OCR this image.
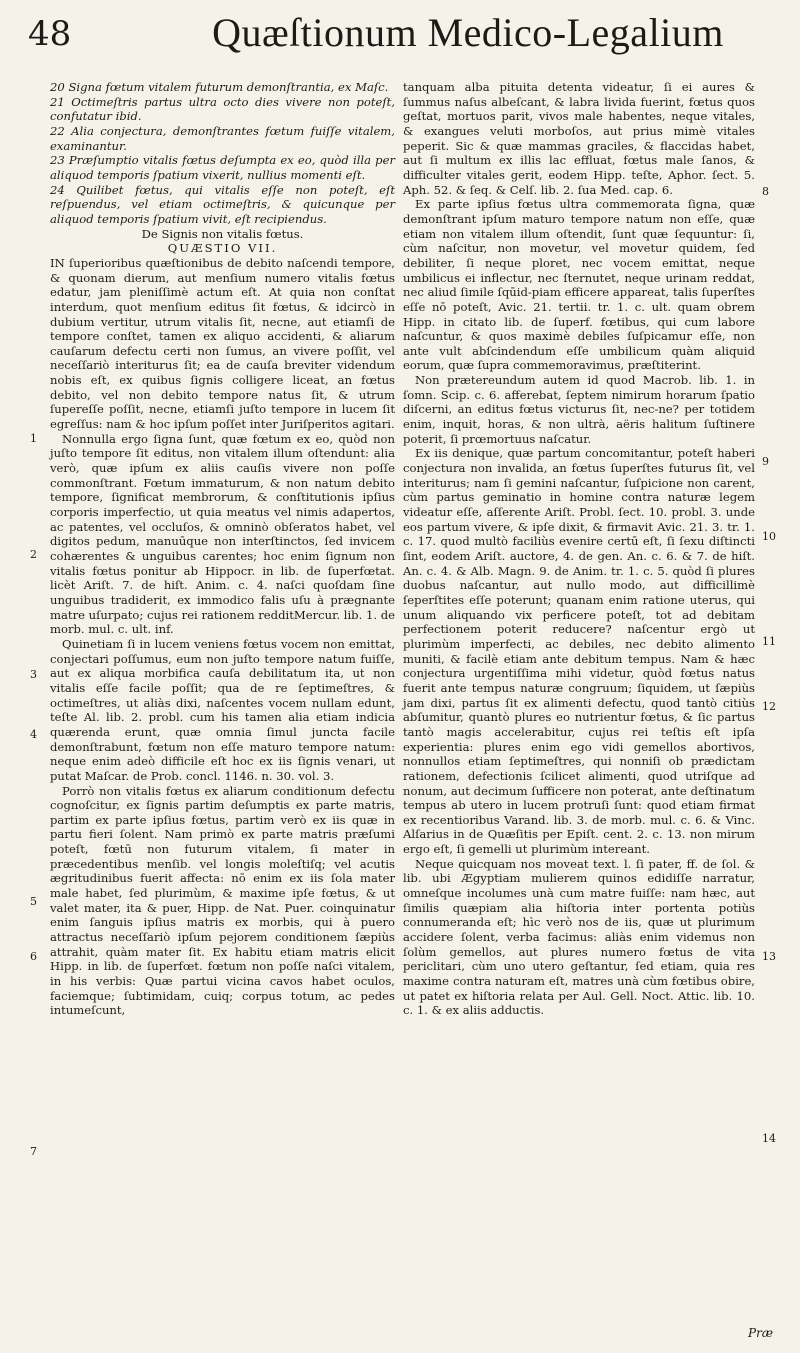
48	Quæſtionum Medico-Legalium

20 Signa fœtum vitalem futurum demonſtrantia, ex Maſc.

21 Octimeſtris partus ultra octo dies vivere non poteſt, confutatur ibid.

22 Alia conjectura, demonſtrantes fœtum fuiſſe vitalem, examinantur.

23 Præſumptio vitalis fœtus deſumpta ex eo, quòd illa per aliquod temporis ſpatium vixerit, nullius momenti eſt.

24 Quilibet fœtus, qui vitalis eſſe non poteſt, eſt reſpuendus, vel etiam octimeſtris, & quicunque per aliquod temporis ſpatium vivit, eſt recipiendus.

De Signis non vitalis fœtus.

QUÆSTIO VII.

IN ſuperioribus quæſtionibus de debito naſcendi tempore, & quonam dierum, aut menſium numero vitalis fœtus edatur, jam pleniſſimè actum eſt. At quia non conſtat interdum, quot menſium editus ſit fœtus, & idcircò in dubium vertitur, utrum vitalis ſit, necne, aut etiamſi de tempore conſtet, tamen ex aliquo accidenti, & aliarum cauſarum defectu certi non ſumus, an vivere poſſit, vel neceſſariò interiturus ſit; ea de cauſa breviter videndum nobis eſt, ex quibus ſignis colligere liceat, an fœtus debito, vel non debito tempore natus ſit, & utrum ſupereſſe poſſit, necne, etiamſi juſto tempore in lucem ſit egreſſus: nam & hoc ipſum poſſet inter Juriſperitos agitari.

Nonnulla ergo ſigna ſunt, quæ fœtum ex eo, quòd non juſto tempore ſit editus, non vitalem illum oſtendunt: alia verò, quæ ipſum ex aliis cauſis vivere non poſſe commonſtrant. Fœtum immaturum, & non natum debito tempore, ſignificat membrorum, & conſtitutionis ipſius corporis imperfectio, ut quia meatus vel nimis adapertos, ac patentes, vel occluſos, & omninò obſeratos habet, vel digitos pedum, manuūque non interſtinctos, ſed invicem cohærentes & unguibus carentes; hoc enim ſignum non vitalis fœtus ponitur ab Hippocr. in lib. de ſuperfœtat. licèt Ariſt. 7. de hiſt. Anim. c. 4. naſci quoſdam ſine unguibus tradiderit, ex immodico falis uſu à prægnante matre uſurpato; cujus rei rationem redditMercur. lib. 1. de morb. mul. c. ult. inf.

Quinetiam ſi in lucem veniens fœtus vocem non emittat, conjectari poſſumus, eum non juſto tempore natum fuiſſe, aut ex aliqua morbifica cauſa debilitatum ita, ut non vitalis eſſe facile poſſit; qua de re ſeptimeſtres, & octimeſtres, ut aliàs dixi, naſcentes vocem nullam edunt, teſte Al. lib. 2. probl. cum his tamen alia etiam indicia quærenda erunt, quæ omnia ſimul juncta facile demonſtrabunt, fœtum non eſſe maturo tempore natum: neque enim adeò difficile eſt hoc ex iis ſignis venari, ut putat Maſcar. de Prob. concl. 1146. n. 30. vol. 3.

Porrò non vitalis fœtus ex aliarum conditionum defectu cognoſcitur, ex ſignis partim deſumptis ex parte matris, partim ex parte ipſius fœtus, partim verò ex iis quæ in partu fieri ſolent. Nam primò ex parte matris præſumi poteſt, fœtū non futurum vitalem, ſi mater in præcedentibus menſib. vel longis moleſtiſq; vel acutis ægritudinibus fuerit affecta: nō enim ex iis ſola mater male habet, ſed plurimùm, & maxime ipſe fœtus, & ut valet mater, ita & puer, Hipp. de Nat. Puer. coinquinatur enim ſanguis ipſius matris ex morbis, qui à puero attractus neceſſariò ipſum pejorem conditionem ſæpiùs attrahit, quàm mater ſit. Ex habitu etiam matris elicit Hipp. in lib. de ſuperfœt. fœtum non poſſe naſci vitalem, in his verbis: Quæ partui vicina cavos habet oculos, faciemque; ſubtimidam, cuiq; corpus totum, ac pedes intumeſcunt,

tanquam alba pituita detenta videatur, ſi ei aures & ſummus naſus albeſcant, & labra livida fuerint, fœtus quos geſtat, mortuos parit, vivos male habentes, neque vitales, & exangues veluti morboſos, aut prius mimè vitales peperit. Sic & quæ mammas graciles, & flaccidas habet, aut ſi multum ex illis lac effluat, fœtus male ſanos, & difficulter vitales gerit, eodem Hipp. teſte, Aphor. ſect. 5. Aph. 52. & ſeq. & Celſ. lib. 2. ſua Med. cap. 6.

Ex parte ipſius fœtus ultra commemorata ſigna, quæ demonſtrant ipſum maturo tempore natum non eſſe, quæ etiam non vitalem illum oſtendit, ſunt quæ ſequuntur: ſi, cùm naſcitur, non movetur, vel movetur quidem, ſed debiliter, ſi neque ploret, nec vocem emittat, neque umbilicus ei inflectur, nec ſternutet, neque urinam reddat, nec aliud ſimile ſqūid-piam efficere appareat, talis ſuperſtes eſſe nō poteſt, Avic. 21. tertii. tr. 1. c. ult. quam obrem Hipp. in citato lib. de ſuperf. fœtibus, qui cum labore naſcuntur, & quos maximè debiles ſuſpicamur eſſe, non ante vult abſcindendum eſſe umbilicum quàm aliquid eorum, quæ ſupra commemoravimus, præſtiterint.

Non prætereundum autem id quod Macrob. lib. 1. in ſomn. Scip. c. 6. afferebat, ſeptem nimirum horarum ſpatio diſcerni, an editus fœtus victurus ſit, nec-ne? per totidem enim, inquit, horas, & non ultrà, aëris halitum ſuſtinere poterit, ſi prœmortuus naſcatur.

Ex iis denique, quæ partum concomitantur, poteſt haberi conjectura non invalida, an fœtus ſuperſtes futurus ſit, vel interiturus; nam ſi gemini naſcantur, ſuſpicione non carent, cùm partus geminatio in homine contra naturæ legem videatur eſſe, aſſerente Ariſt. Probl. ſect. 10. probl. 3. unde eos partum vivere, & ipſe dixit, & firmavit Avic. 21. 3. tr. 1. c. 17. quod multò faciliùs evenire certū eſt, ſi ſexu diſtincti ſint, eodem Ariſt. auctore, 4. de gen. An. c. 6. & 7. de hiſt. An. c. 4. & Alb. Magn. 9. de Anim. tr. 1. c. 5. quòd ſi plures duobus naſcantur, aut nullo modo, aut difficillimè ſeperſtites eſſe poterunt; quanam enim ratione uterus, qui unum aliquando vix perficere poteſt, tot ad debitam perfectionem poterit reducere? naſcentur ergò ut plurimùm imperfecti, ac debiles, nec debito alimento muniti, & facilè etiam ante debitum tempus. Nam & hæc conjectura urgentiſſima mihi videtur, quòd fœtus natus fuerit ante tempus naturæ congruum; ſiquidem, ut ſæpiùs jam dixi, partus ſit ex alimenti defectu, quod tantò citiùs abſumitur, quantò plures eo nutrientur fœtus, & ſic partus tantò magis accelerabitur, cujus rei teſtis eſt ipſa experientia: plures enim ego vidi gemellos abortivos, nonnullos etiam ſeptimeſtres, qui nonniſi ob prædictam rationem, defectionis ſcilicet alimenti, quod utriſque ad nonum, aut decimum ſufficere non poterat, ante deſtinatum tempus ab utero in lucem protruſi ſunt: quod etiam firmat ex recentioribus Varand. lib. 3. de morb. mul. c. 6. & Vinc. Alſarius in de Quæſitis per Epiſt. cent. 2. c. 13. non mirum ergo eſt, ſi gemelli ut plurimùm intereant.

Neque quicquam nos moveat text. l. ſi pater, ff. de ſol. & lib. ubi Ægyptiam mulierem quinos edidiſſe narratur, omneſque incolumes unà cum matre fuiſſe: nam hæc, aut ſimilis quæpiam alia hiſtoria inter portenta potiùs connumeranda eſt; hìc verò nos de iis, quæ ut plurimum accidere ſolent, verba facimus: aliàs enim videmus non ſolùm gemellos, aut plures numero fœtus de vita periclitari, cùm uno utero geſtantur, ſed etiam, quia res maxime contra naturam eſt, matres unà cùm fœtibus obire, ut patet ex hiſtoria relata per Aul. Gell. Noct. Attic. lib. 10. c. 1. & ex aliis adductis.

1
2
3
4
5
6
7
8
9
10
11
12
13
14
Præ
